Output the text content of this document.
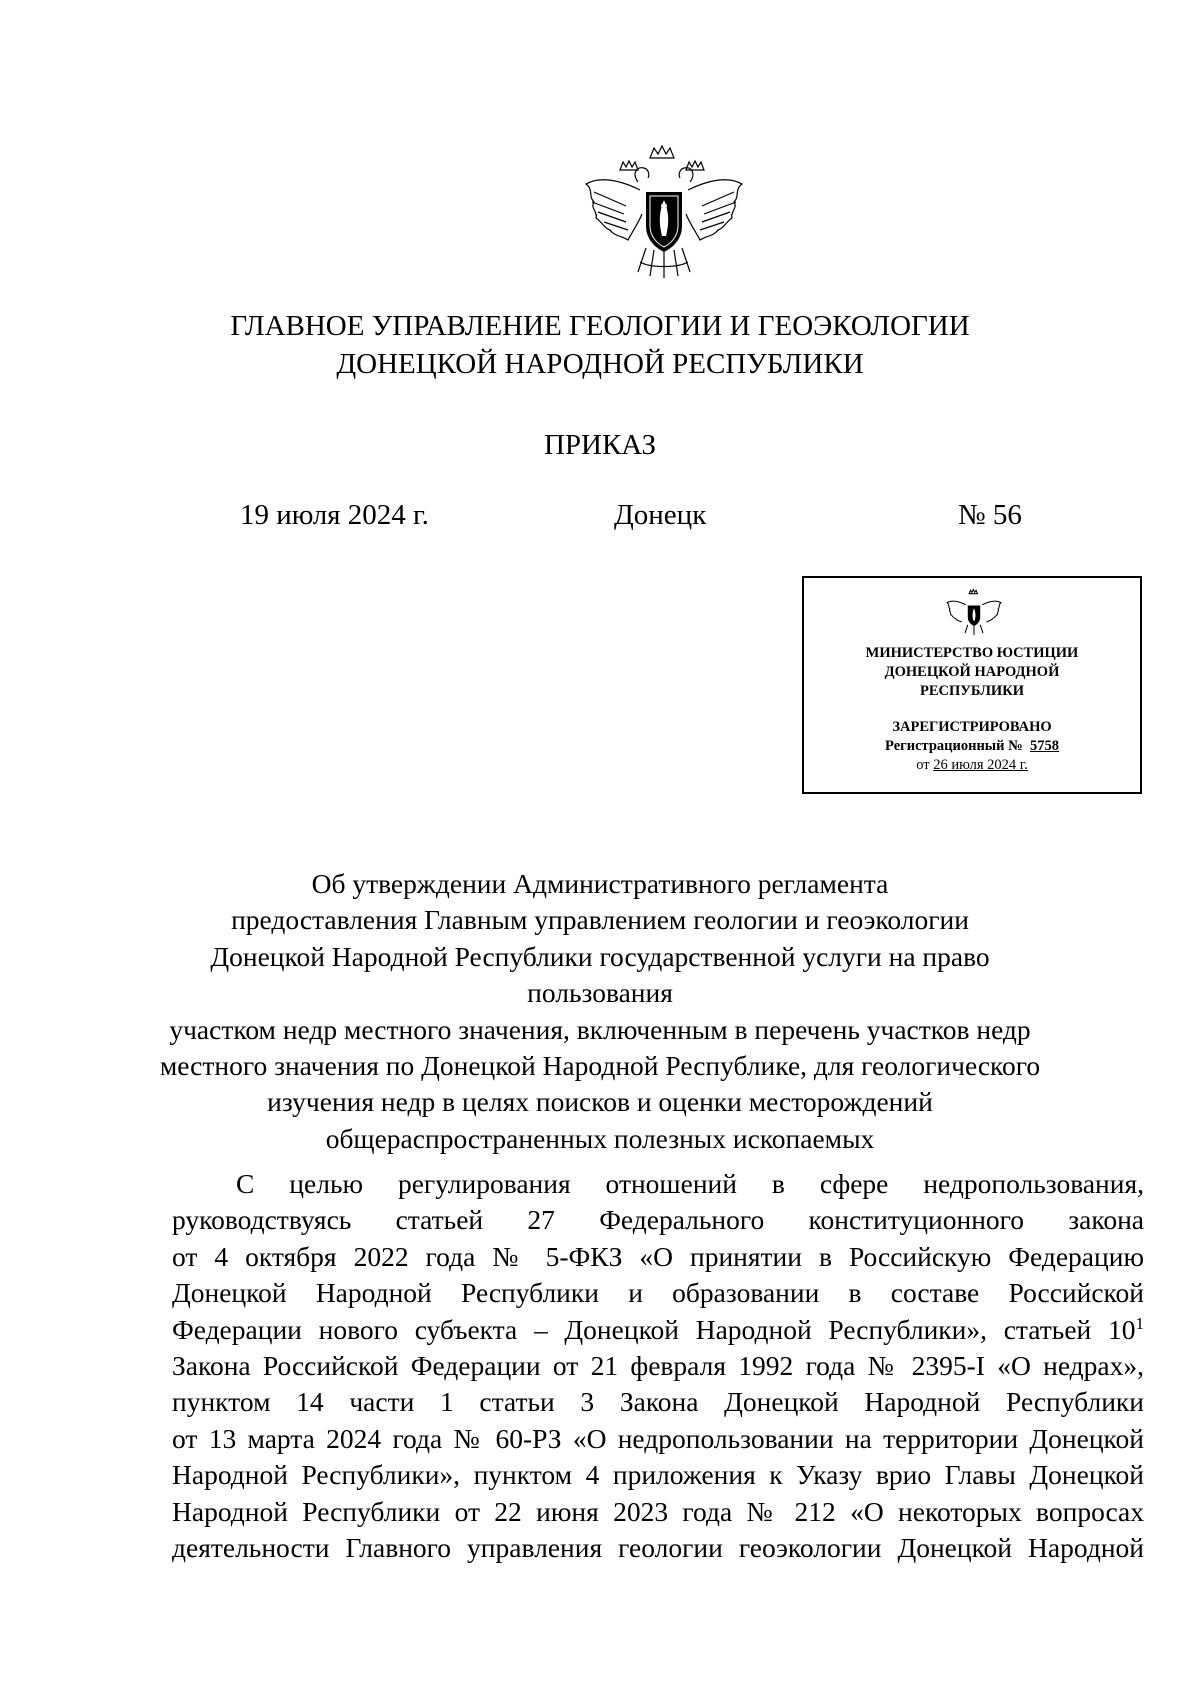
ГЛАВНОЕ УПРАВЛЕНИЕ ГЕОЛОГИИ И ГЕОЭКОЛОГИИ
ДОНЕЦКОЙ НАРОДНОЙ РЕСПУБЛИКИ
ПРИКАЗ
19 июля 2024 г.	Донецк	№ 56
МИНИСТЕРСТВО ЮСТИЦИИ
ДОНЕЦКОЙ НАРОДНОЙ
РЕСПУБЛИКИ
ЗАРЕГИСТРИРОВАНО
Регистрационный № 5758
от 26 июля 2024 г.
Об утверждении Административного регламента
предоставления Главным управлением геологии и геоэкологии
Донецкой Народной Республики государственной услуги на право пользования
участком недр местного значения, включенным в перечень участков недр
местного значения по Донецкой Народной Республике, для геологического
изучения недр в целях поисков и оценки месторождений
общераспространенных полезных ископаемых
С целью регулирования отношений в сфере недропользования,
руководствуясь статьей 27 Федерального конституционного закона
от 4 октября 2022 года № 5-ФКЗ «О принятии в Российскую Федерацию
Донецкой Народной Республики и образовании в составе Российской
Федерации нового субъекта – Донецкой Народной Республики», статьей $10^1$
Закона Российской Федерации от 21 февраля 1992 года № 2395-I «О недрах»,
пунктом 14 части 1 статьи 3 Закона Донецкой Народной Республики
от 13 марта 2024 года № 60-РЗ «О недропользовании на территории Донецкой
Народной Республики», пунктом 4 приложения к Указу врио Главы Донецкой
Народной Республики от 22 июня 2023 года № 212 «О некоторых вопросах
деятельности Главного управления геологии геоэкологии Донецкой Народной
